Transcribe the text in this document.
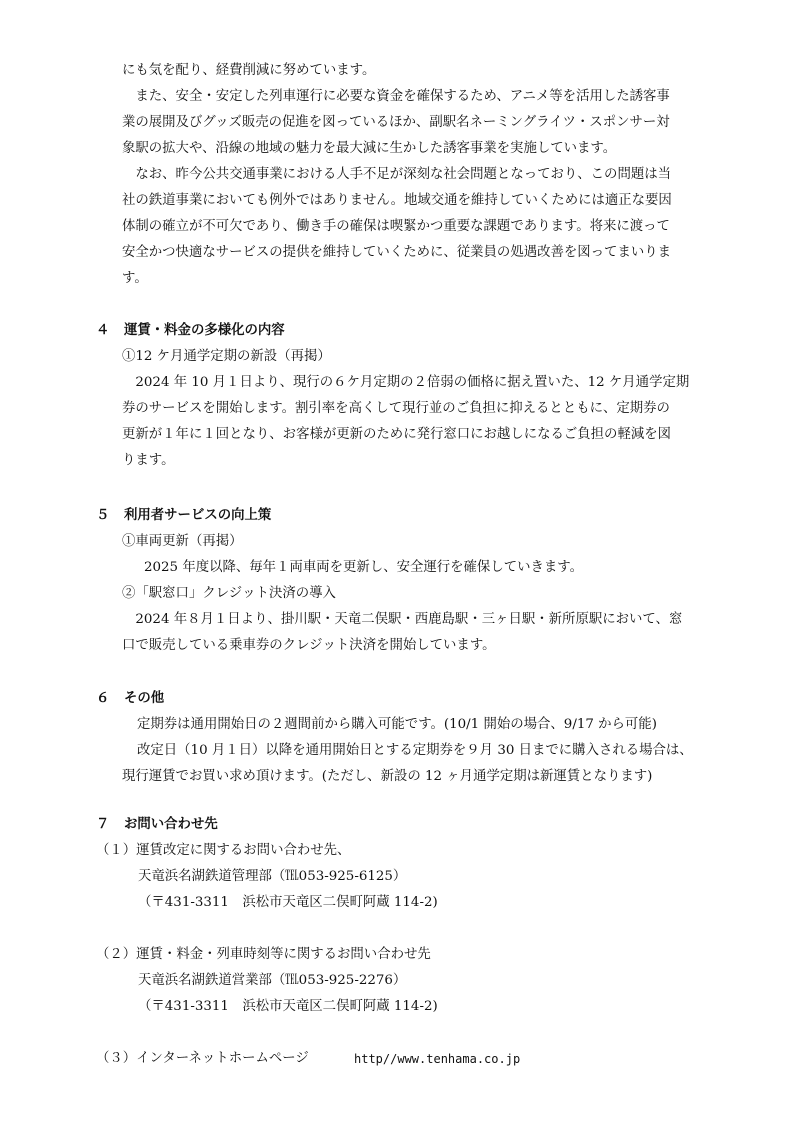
にも気を配り、経費削減に努めています。
　また、安全・安定した列車運行に必要な資金を確保するため、アニメ等を活用した誘客事
業の展開及びグッズ販売の促進を図っているほか、副駅名ネーミングライツ・スポンサー対
象駅の拡大や、沿線の地域の魅力を最大減に生かした誘客事業を実施しています。
　なお、昨今公共交通事業における人手不足が深刻な社会問題となっており、この問題は当
社の鉄道事業においても例外ではありません。地域交通を維持していくためには適正な要因
体制の確立が不可欠であり、働き手の確保は喫緊かつ重要な課題であります。将来に渡って
安全かつ快適なサービスの提供を維持していくために、従業員の処遇改善を図ってまいりま
す。
４ 運賃・料金の多様化の内容
①12 ケ月通学定期の新設（再掲）
　2024 年 10 月１日より、現行の６ケ月定期の２倍弱の価格に据え置いた、12 ケ月通学定期
券のサービスを開始します。割引率を高くして現行並のご負担に抑えるとともに、定期券の
更新が１年に１回となり、お客様が更新のために発行窓口にお越しになるご負担の軽減を図
ります。
５ 利用者サービスの向上策
①車両更新（再掲）
2025 年度以降、毎年１両車両を更新し、安全運行を確保していきます。
②「駅窓口」クレジット決済の導入
　2024 年８月１日より、掛川駅・天竜二俣駅・西鹿島駅・三ヶ日駅・新所原駅において、窓
口で販売している乗車券のクレジット決済を開始しています。
６ その他
定期券は通用開始日の２週間前から購入可能です。(10/1 開始の場合、9/17 から可能)
改定日（10 月１日）以降を通用開始日とする定期券を９月 30 日までに購入される場合は、
現行運賃でお買い求め頂けます。(ただし、新設の 12 ヶ月通学定期は新運賃となります)
７ お問い合わせ先
（１）運賃改定に関するお問い合わせ先、
天竜浜名湖鉄道管理部（℡053-925-6125）
（〒431-3311　浜松市天竜区二俣町阿蔵 114-2)
（２）運賃・料金・列車時刻等に関するお問い合わせ先
天竜浜名湖鉄道営業部（℡053-925-2276）
（〒431-3311　浜松市天竜区二俣町阿蔵 114-2)
（３）インターネットホームページ	http//www.tenhama.co.jp
